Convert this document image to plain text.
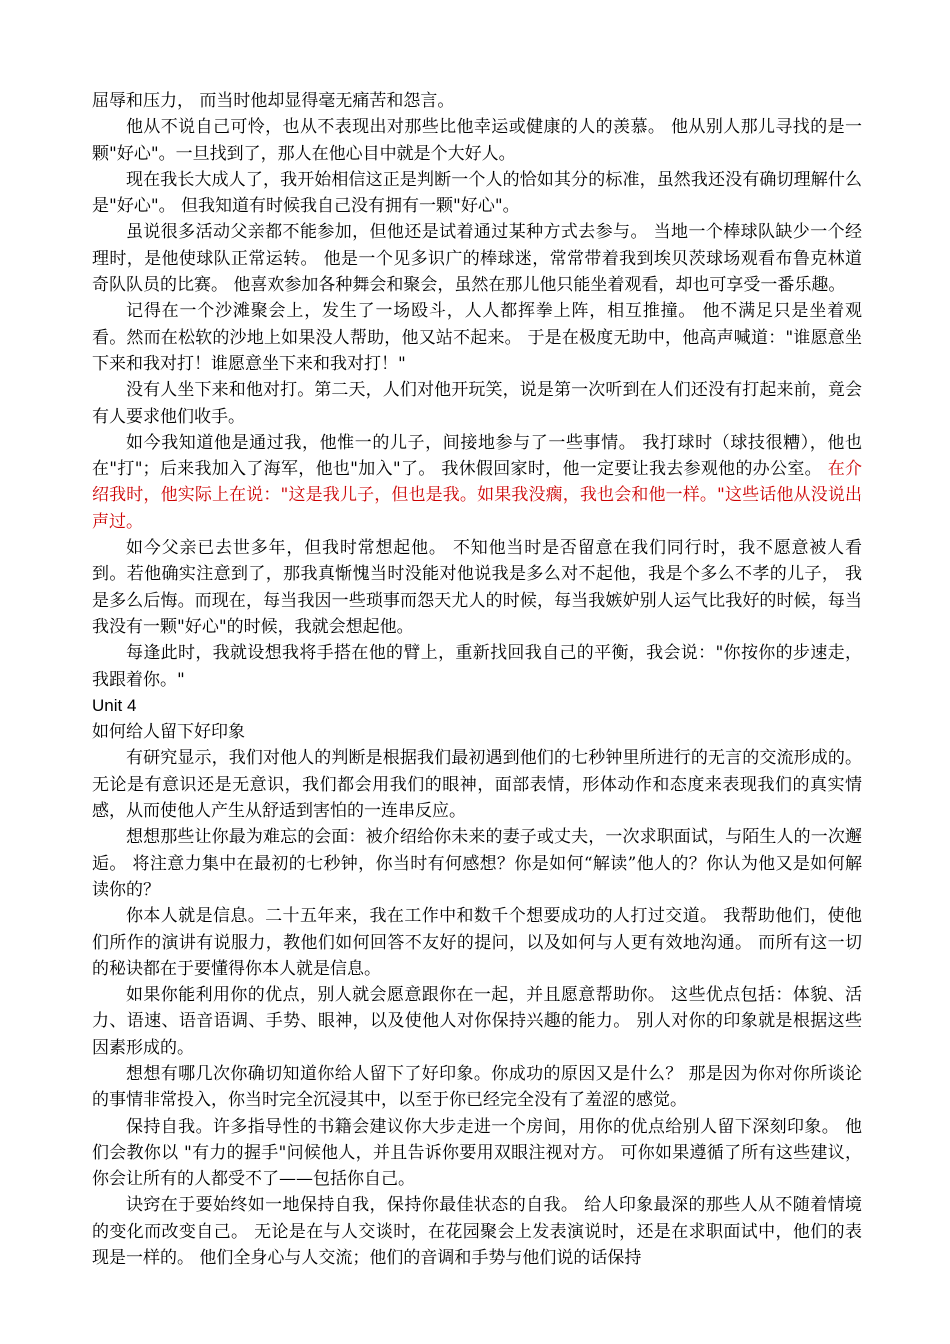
屈辱和压力， 而当时他却显得毫无痛苦和怨言。

他从不说自己可怜，也从不表现出对那些比他幸运或健康的人的羡慕。 他从别人那儿寻找的是一颗"好心"。一旦找到了，那人在他心目中就是个大好人。

现在我长大成人了，我开始相信这正是判断一个人的恰如其分的标准，虽然我还没有确切理解什么是"好心"。 但我知道有时候我自己没有拥有一颗"好心"。

虽说很多活动父亲都不能参加，但他还是试着通过某种方式去参与。 当地一个棒球队缺少一个经理时，是他使球队正常运转。 他是一个见多识广的棒球迷，常常带着我到埃贝茨球场观看布鲁克林道奇队队员的比赛。 他喜欢参加各种舞会和聚会，虽然在那儿他只能坐着观看，却也可享受一番乐趣。

记得在一个沙滩聚会上，发生了一场殴斗，人人都挥拳上阵，相互推撞。 他不满足只是坐着观看。然而在松软的沙地上如果没人帮助，他又站不起来。 于是在极度无助中，他高声喊道："谁愿意坐下来和我对打！谁愿意坐下来和我对打！"

没有人坐下来和他对打。第二天，人们对他开玩笑，说是第一次听到在人们还没有打起来前，竟会有人要求他们收手。

如今我知道他是通过我，他惟一的儿子，间接地参与了一些事情。 我打球时（球技很糟），他也在"打"；后来我加入了海军，他也"加入"了。 我休假回家时，他一定要让我去参观他的办公室。 在介绍我时，他实际上在说："这是我儿子，但也是我。如果我没瘸，我也会和他一样。"这些话他从没说出声过。

如今父亲已去世多年，但我时常想起他。 不知他当时是否留意在我们同行时，我不愿意被人看到。若他确实注意到了，那我真惭愧当时没能对他说我是多么对不起他，我是个多么不孝的儿子， 我是多么后悔。而现在，每当我因一些琐事而怨天尤人的时候，每当我嫉妒别人运气比我好的时候，每当我没有一颗"好心"的时候，我就会想起他。

每逢此时，我就设想我将手搭在他的臂上，重新找回我自己的平衡，我会说："你按你的步速走，我跟着你。"

Unit 4

如何给人留下好印象

有研究显示，我们对他人的判断是根据我们最初遇到他们的七秒钟里所进行的无言的交流形成的。 无论是有意识还是无意识，我们都会用我们的眼神，面部表情，形体动作和态度来表现我们的真实情感，从而使他人产生从舒适到害怕的一连串反应。

想想那些让你最为难忘的会面：被介绍给你未来的妻子或丈夫，一次求职面试，与陌生人的一次邂逅。 将注意力集中在最初的七秒钟，你当时有何感想？你是如何“解读”他人的？你认为他又是如何解读你的？

你本人就是信息。二十五年来，我在工作中和数千个想要成功的人打过交道。 我帮助他们，使他们所作的演讲有说服力，教他们如何回答不友好的提问，以及如何与人更有效地沟通。 而所有这一切的秘诀都在于要懂得你本人就是信息。

如果你能利用你的优点，别人就会愿意跟你在一起，并且愿意帮助你。 这些优点包括：体貌、活力、语速、语音语调、手势、眼神，以及使他人对你保持兴趣的能力。 别人对你的印象就是根据这些因素形成的。

想想有哪几次你确切知道你给人留下了好印象。你成功的原因又是什么？ 那是因为你对你所谈论的事情非常投入，你当时完全沉浸其中，以至于你已经完全没有了羞涩的感觉。

保持自我。许多指导性的书籍会建议你大步走进一个房间，用你的优点给别人留下深刻印象。 他们会教你以 "有力的握手"问候他人，并且告诉你要用双眼注视对方。 可你如果遵循了所有这些建议，你会让所有的人都受不了——包括你自己。

诀窍在于要始终如一地保持自我，保持你最佳状态的自我。 给人印象最深的那些人从不随着情境的变化而改变自己。 无论是在与人交谈时，在花园聚会上发表演说时，还是在求职面试中，他们的表现是一样的。 他们全身心与人交流；他们的音调和手势与他们说的话保持
